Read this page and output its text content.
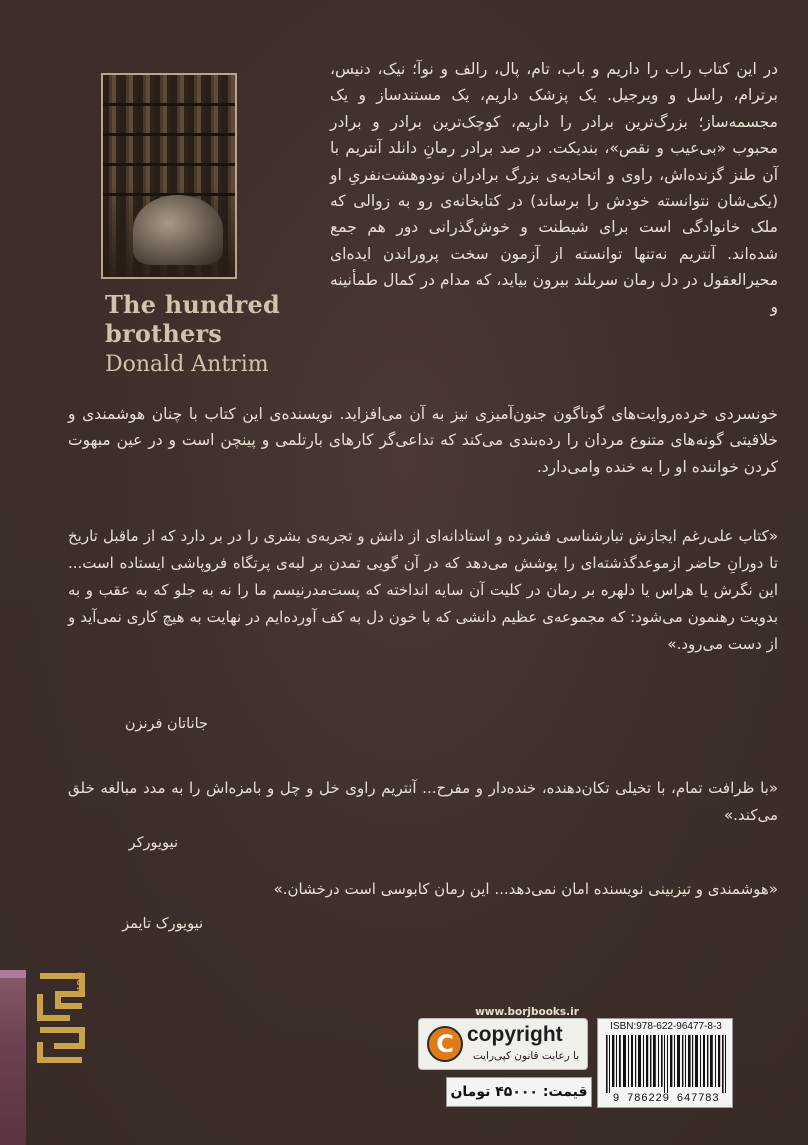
The hundred
brothers
Donald Antrim
در این کتاب راب را داریم و باب، تام، پال، رالف و نوآ؛ نیک، دنیس، برترام، راسل و ویرجیل. یک پزشک داریم، یک مستندساز و یک مجسمه‌ساز؛ بزرگ‌ترین برادر را داریم، کوچک‌ترین برادر و برادر محبوب «بی‌عیب و نقص»، بندیکت. در صد برادر رمانِ دانلد آنتریم با آن طنز گزنده‌اش، راوی و اتحادیه‌ی بزرگ برادران نودوهشت‌نفریِ او (یکی‌شان نتوانسته خودش را برساند) در کتابخانه‌ی رو به زوالی که ملک خانوادگی است برای شیطنت و خوش‌گذرانی دور هم جمع شده‌اند. آنتریم نه‌تنها توانسته از آزمون سخت پروراندن ایده‌ای محیرالعقول در دل رمان سربلند بیرون بیاید، که مدام در کمال طمأنینه و
خونسردی خرده‌روایت‌های گوناگون جنون‌آمیزی نیز به آن می‌افزاید. نویسنده‌ی این کتاب با چنان هوشمندی و خلاقیتی گونه‌های متنوع مردان را رده‌بندی می‌کند که تداعی‌گر کارهای بارتلمی و پینچن است و در عین مبهوت کردن خواننده او را به خنده وامی‌دارد.
«کتاب علی‌رغم ایجازش تبارشناسی فشرده و استادانه‌ای از دانش و تجربه‌ی بشری را در بر دارد که از ماقبل تاریخ تا دورانِ حاضر ازموعدگذشته‌ای را پوشش می‌دهد که در آن گویی تمدن بر لبه‌ی پرتگاه فروپاشی ایستاده است... این نگرش یا هراس یا دلهره بر رمان در کلیت آن سایه انداخته که پست‌مدرنیسم ما را نه به جلو که به عقب و به بدویت رهنمون می‌شود: که مجموعه‌ی عظیم دانشی که با خون دل به کف آورده‌ایم در نهایت به هیچ کاری نمی‌آید و از دست می‌رود.»
جاناتان فرنزن
«با ظرافت تمام، با تخیلی تکان‌دهنده، خنده‌دار و مفرح... آنتریم راوی خل و چل و بامزه‌اش را به مدد مبالغه خلق می‌کند.»
نیویورکر
«هوشمندی و تیزبینی نویسنده امان نمی‌دهد... این رمان کابوسی است درخشان.»
نیویورک تایمز
BORJ
www.borjbooks.ir
C copyright
با رعایت قانون کپی‌رایت
ISBN:978-622-96477-8-3
9 786229 647783
قیمت: ۴۵۰۰۰ تومان
